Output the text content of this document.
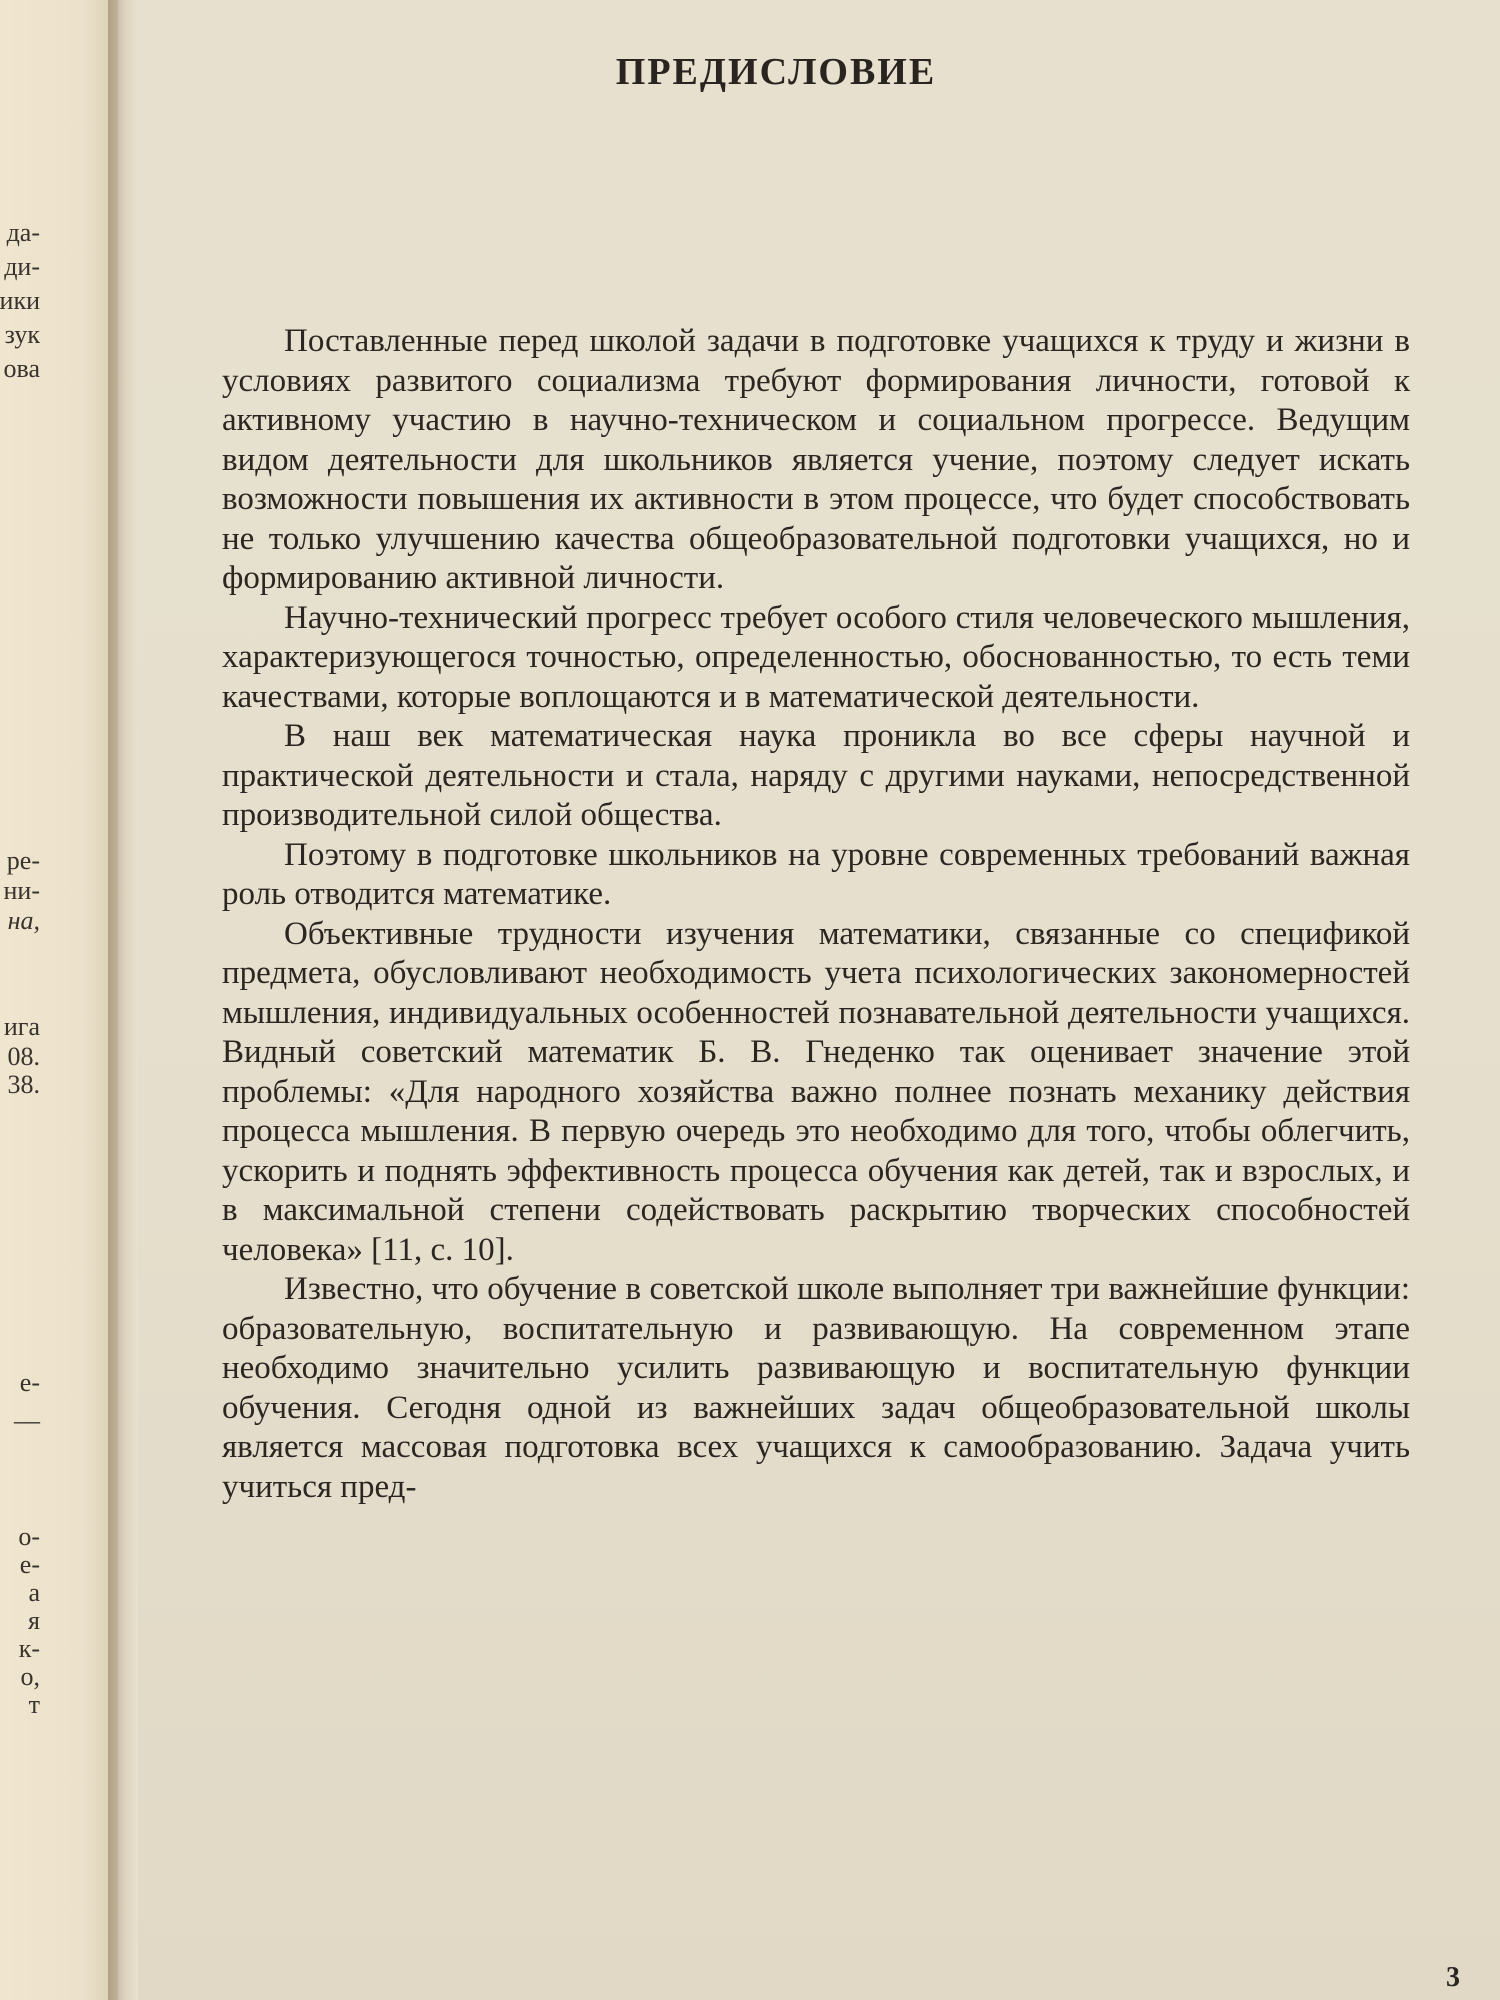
да-
ди-
ики
зук
ова
ре-
ни-
на,
ига
08.
38.
е-
—
о-
е-
а
я
к-
о,
т
ПРЕДИСЛОВИЕ

Поставленные перед школой задачи в подготовке учащихся к труду и жизни в условиях развитого социализма требуют формирования личности, готовой к активному участию в научно-техническом и социальном прогрессе. Ведущим видом деятельности для школьников является учение, поэтому следует искать возможности повышения их активности в этом процессе, что будет способствовать не только улучшению качества общеобразовательной подготовки учащихся, но и формированию активной личности.

Научно-технический прогресс требует особого стиля человеческого мышления, характеризующегося точностью, определенностью, обоснованностью, то есть теми качествами, которые воплощаются и в математической деятельности.

В наш век математическая наука проникла во все сферы научной и практической деятельности и стала, наряду с другими науками, непосредственной производительной силой общества.

Поэтому в подготовке школьников на уровне современных требований важная роль отводится математике.

Объективные трудности изучения математики, связанные со спецификой предмета, обусловливают необходимость учета психологических закономерностей мышления, индивидуальных особенностей познавательной деятельности учащихся. Видный советский математик Б. В. Гнеденко так оценивает значение этой проблемы: «Для народного хозяйства важно полнее познать механику действия процесса мышления. В первую очередь это необходимо для того, чтобы облегчить, ускорить и поднять эффективность процесса обучения как детей, так и взрослых, и в максимальной степени содействовать раскрытию творческих способностей человека» [11, с. 10].

Известно, что обучение в советской школе выполняет три важнейшие функции: образовательную, воспитательную и развивающую. На современном этапе необходимо значительно усилить развивающую и воспитательную функции обучения. Сегодня одной из важнейших задач общеобразовательной школы является массовая подготовка всех учащихся к самообразованию. Задача учить учиться пред-

3
